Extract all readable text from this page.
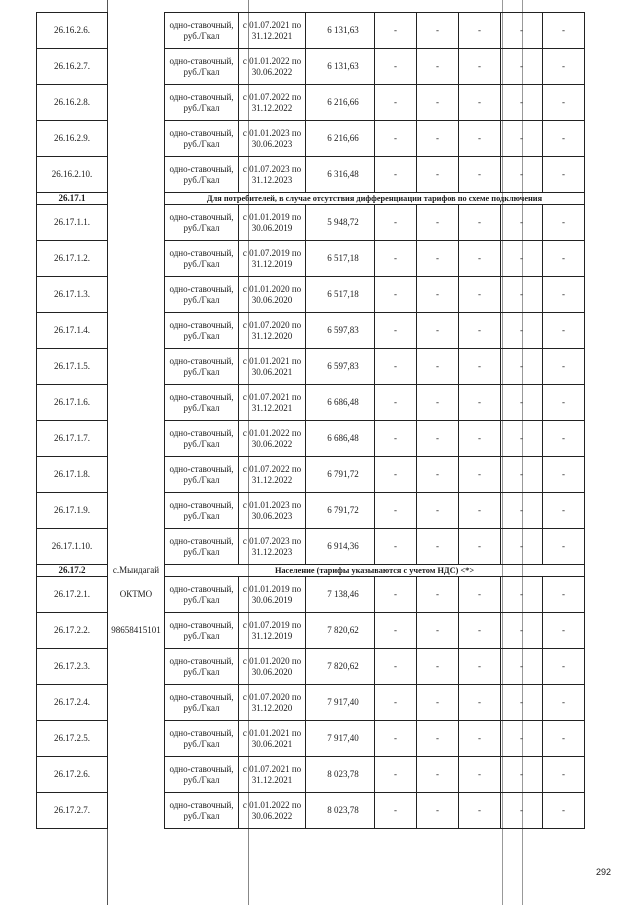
26.16.2.6.		одно-ставочный, руб./Гкал	с 01.07.2021 по 31.12.2021	6 131,63	-	-	-	-	-
26.16.2.7.		одно-ставочный, руб./Гкал	с 01.01.2022 по 30.06.2022	6 131,63	-	-	-	-	-
26.16.2.8.		одно-ставочный, руб./Гкал	с 01.07.2022 по 31.12.2022	6 216,66	-	-	-	-	-
26.16.2.9.		одно-ставочный, руб./Гкал	с 01.01.2023 по 30.06.2023	6 216,66	-	-	-	-	-
26.16.2.10.		одно-ставочный, руб./Гкал	с 01.07.2023 по 31.12.2023	6 316,48	-	-	-	-	-
26.17.1		Для потребителей, в случае отсутствия дифференциации тарифов по схеме подключения							
26.17.1.1.		одно-ставочный, руб./Гкал	с 01.01.2019 по 30.06.2019	5 948,72	-	-	-	-	-
26.17.1.2.		одно-ставочный, руб./Гкал	с 01.07.2019 по 31.12.2019	6 517,18	-	-	-	-	-
26.17.1.3.		одно-ставочный, руб./Гкал	с 01.01.2020 по 30.06.2020	6 517,18	-	-	-	-	-
26.17.1.4.		одно-ставочный, руб./Гкал	с 01.07.2020 по 31.12.2020	6 597,83	-	-	-	-	-
26.17.1.5.		одно-ставочный, руб./Гкал	с 01.01.2021 по 30.06.2021	6 597,83	-	-	-	-	-
26.17.1.6.		одно-ставочный, руб./Гкал	с 01.07.2021 по 31.12.2021	6 686,48	-	-	-	-	-
26.17.1.7.		одно-ставочный, руб./Гкал	с 01.01.2022 по 30.06.2022	6 686,48	-	-	-	-	-
26.17.1.8.		одно-ставочный, руб./Гкал	с 01.07.2022 по 31.12.2022	6 791,72	-	-	-	-	-
26.17.1.9.		одно-ставочный, руб./Гкал	с 01.01.2023 по 30.06.2023	6 791,72	-	-	-	-	-
26.17.1.10.		одно-ставочный, руб./Гкал	с 01.07.2023 по 31.12.2023	6 914,36	-	-	-	-	-
26.17.2	с.Мыидагай	Население (тарифы указываются с учетом НДС) <*>							
26.17.2.1.	ОКТМО	одно-ставочный, руб./Гкал	с 01.01.2019 по 30.06.2019	7 138,46	-	-	-	-	-
26.17.2.2.	98658415101	одно-ставочный, руб./Гкал	с 01.07.2019 по 31.12.2019	7 820,62	-	-	-	-	-
26.17.2.3.		одно-ставочный, руб./Гкал	с 01.01.2020 по 30.06.2020	7 820,62	-	-	-	-	-
26.17.2.4.		одно-ставочный, руб./Гкал	с 01.07.2020 по 31.12.2020	7 917,40	-	-	-	-	-
26.17.2.5.		одно-ставочный, руб./Гкал	с 01.01.2021 по 30.06.2021	7 917,40	-	-	-	-	-
26.17.2.6.		одно-ставочный, руб./Гкал	с 01.07.2021 по 31.12.2021	8 023,78	-	-	-	-	-
26.17.2.7.		одно-ставочный, руб./Гкал	с 01.01.2022 по 30.06.2022	8 023,78	-	-	-	-	-
292
